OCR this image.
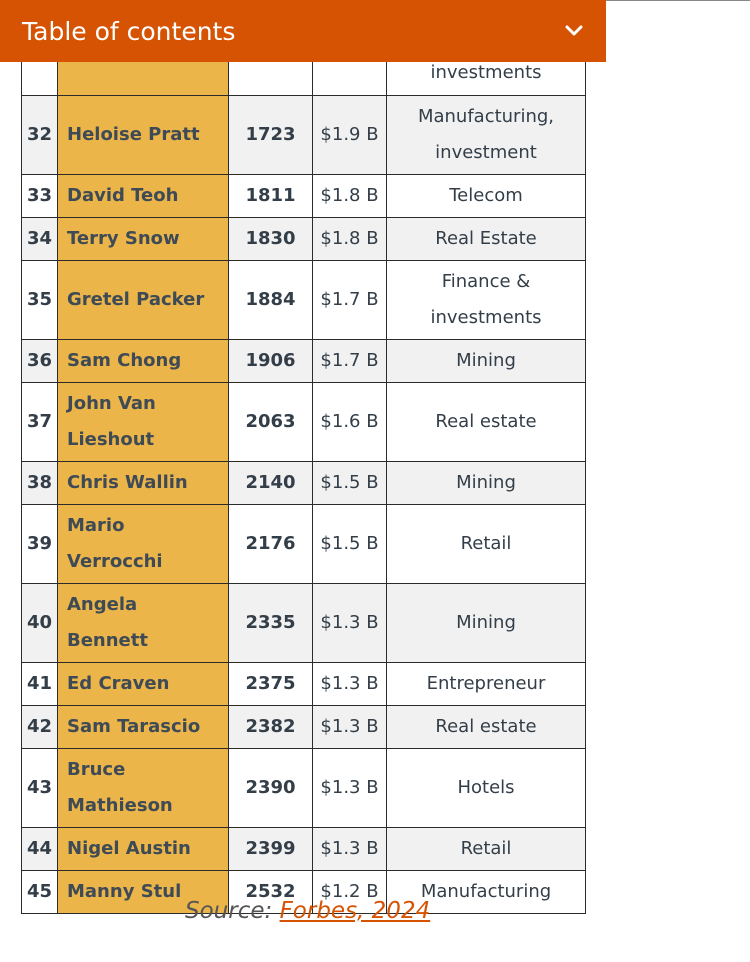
				investments
32	Heloise Pratt	1723	$1.9 B	Manufacturing, investment
33	David Teoh	1811	$1.8 B	Telecom
34	Terry Snow	1830	$1.8 B	Real Estate
35	Gretel Packer	1884	$1.7 B	Finance & investments
36	Sam Chong	1906	$1.7 B	Mining
37	John Van Lieshout	2063	$1.6 B	Real estate
38	Chris Wallin	2140	$1.5 B	Mining
39	Mario Verrocchi	2176	$1.5 B	Retail
40	Angela Bennett	2335	$1.3 B	Mining
41	Ed Craven	2375	$1.3 B	Entrepreneur
42	Sam Tarascio	2382	$1.3 B	Real estate
43	Bruce Mathieson	2390	$1.3 B	Hotels
44	Nigel Austin	2399	$1.3 B	Retail
45	Manny Stul	2532	$1.2 B	Manufacturing
Table of contents
Source: Forbes, 2024
